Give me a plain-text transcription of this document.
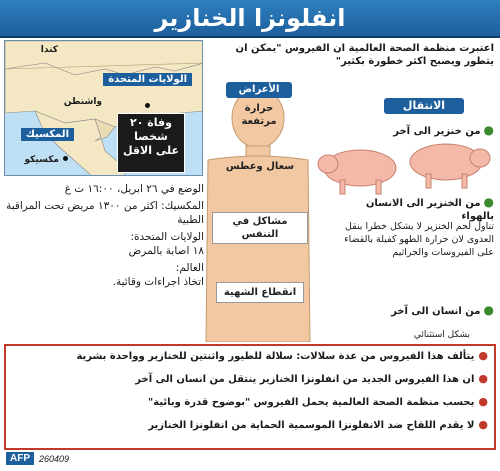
انفلونزا الخنازير
كندا
الولايات المتحدة
واشنطن
المكسيك
مكسيكو
وفاة ٢٠
شخصا
على الاقل
الوضع في ٢٦ ابريل، ١٦:٠٠ ت غ
المكسيك: اكثر من ١٣٠٠ مريض تحت المراقبة الطبية
الولايات المتحدة:
١٨ اصابة بالمرض
العالم:
اتخاذ اجراءات وقائية.
اعتبرت منظمة الصحة العالمية ان الفيروس "يمكن ان يتطور ويصبح اكثر خطورة بكثير"
الأعراض
حرارة مرتفعة
سعال وعطس
مشاكل في التنفس
انقطاع الشهية
الانتقال
●من خنزير الى آخر
●من الخنزير الى الانسان بالهواء
تناول لحم الخنزير لا يشكل خطرا بنقل العدوى لان حرارة الطهو كفيلة بالقضاء على الفيروسات والجراثيم
●من انسان الى آخر
بشكل استثنائي
●يتألف هذا الفيروس من عدة سلالات: سلالة للطيور واثنتين للخنازير وواحدة بشرية
●ان هذا الفيروس الجديد من انفلونزا الخنازير ينتقل من انسان الى آخر
●بحسب منظمة الصحة العالمية يحمل الفيروس "بوضوح قدرة وبائية"
●لا يقدم اللقاح ضد الانفلونزا الموسمية الحماية من انفلونزا الخنازير
AFP	260409
